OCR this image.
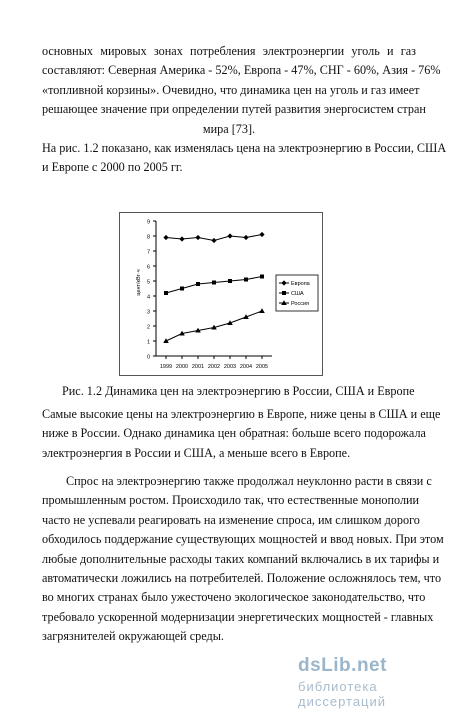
основных мировых зонах потребления электроэнергии уголь и газ
составляют: Северная Америка - 52%, Европа - 47%, СНГ - 60%, Азия - 76%
«топливной корзины». Очевидно, что динамика цен на уголь и газ имеет
решающее значение при определении путей развития энергосистем стран
мира [73].
На рис. 1.2 показано, как изменялась цена на электроэнергию в России, США
и Европе с 2000 по 2005 гг.
0
1
2
3
4
5
6
7
8
9
1999 2000 2001 2002 2003 2004 2005
цент/кВт·ч	Европа
США
Россия
Рис. 1.2 Динамика цен на электроэнергию в России, США и Европе
Самые высокие цены на электроэнергию в Европе, ниже цены в США и еще
ниже в России. Однако динамика цен обратная: больше всего подорожала
электроэнергия в России и США, а меньше всего в Европе.
Спрос на электроэнергию также продолжал неуклонно расти в связи с
промышленным ростом. Происходило так, что естественные монополии
часто не успевали реагировать на изменение спроса, им слишком дорого
обходилось поддержание существующих мощностей и ввод новых. При этом
любые дополнительные расходы таких компаний включались в их тарифы и
автоматически ложились на потребителей. Положение осложнялось тем, что
во многих странах было ужесточено экологическое законодательство, что
требовало ускоренной модернизации энергетических мощностей - главных
загрязнителей окружающей среды.
dsLib.net
библиотека диссертаций
